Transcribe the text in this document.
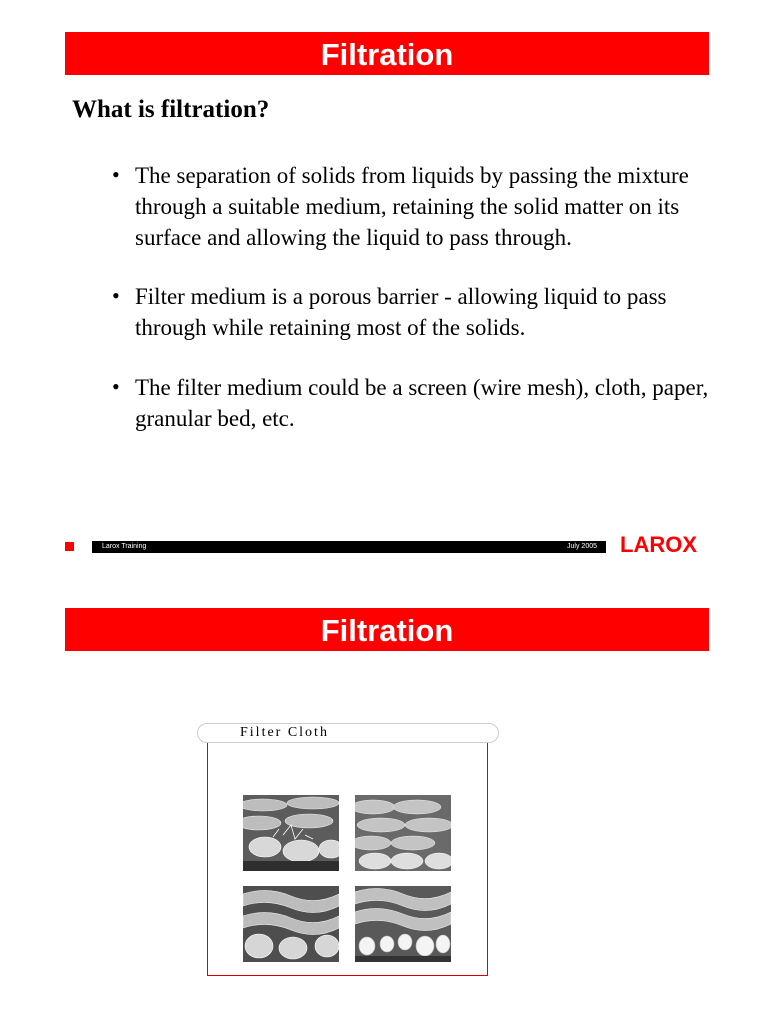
Filtration
What is filtration?
• The separation of solids from liquids by passing the mixture through a suitable medium, retaining the solid matter on its surface and allowing the liquid to pass through.
• Filter medium is a porous barrier - allowing liquid to pass through while retaining most of the solids.
• The filter medium could be a screen (wire mesh), cloth, paper, granular bed, etc.
Larox Training	July 2005 LAROX
Filtration
Filter Cloth
